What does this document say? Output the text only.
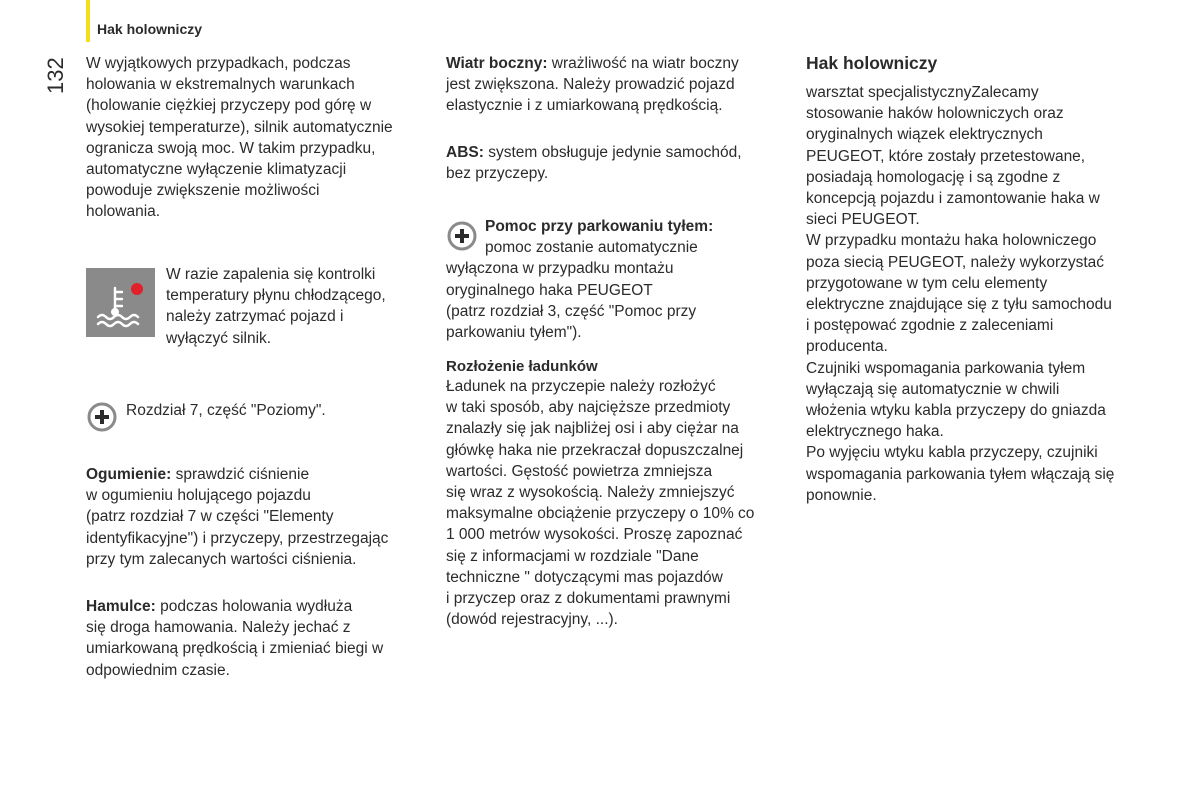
Hak holowniczy
132	W wyjątkowych przypadkach, podczas
holowania w ekstremalnych warunkach
(holowanie ciężkiej przyczepy pod górę w
wysokiej temperaturze), silnik automatycznie
ogranicza swoją moc. W takim przypadku,
automatyczne wyłączenie klimatyzacji
powoduje zwiększenie możliwości
holowania.
W razie zapalenia się kontrolki
temperatury płynu chłodzącego,
należy zatrzymać pojazd i
wyłączyć silnik.
Rozdział 7, część "Poziomy".
Ogumienie: sprawdzić ciśnienie
w ogumieniu holującego pojazdu
(patrz rozdział 7 w części "Elementy
identyfikacyjne") i przyczepy, przestrzegając
przy tym zalecanych wartości ciśnienia.
Hamulce: podczas holowania wydłuża
się droga hamowania. Należy jechać z
umiarkowaną prędkością i zmieniać biegi w
odpowiednim czasie.
Wiatr boczny: wrażliwość na wiatr boczny
jest zwiększona. Należy prowadzić pojazd
elastycznie i z umiarkowaną prędkością.
ABS: system obsługuje jedynie samochód,
bez przyczepy.
Pomoc przy parkowaniu tyłem:
pomoc zostanie automatycznie
wyłączona w przypadku montażu
oryginalnego haka PEUGEOT
(patrz rozdział 3, część "Pomoc przy
parkowaniu tyłem").
Rozłożenie ładunków
Ładunek na przyczepie należy rozłożyć
w taki sposób, aby najcięższe przedmioty
znalazły się jak najbliżej osi i aby ciężar na
główkę haka nie przekraczał dopuszczalnej
wartości. Gęstość powietrza zmniejsza
się wraz z wysokością. Należy zmniejszyć
maksymalne obciążenie przyczepy o 10% co
1 000 metrów wysokości. Proszę zapoznać
się z informacjami w rozdziale "Dane
techniczne " dotyczącymi mas pojazdów
i przyczep oraz z dokumentami prawnymi
(dowód rejestracyjny, ...).
Hak holowniczy
warsztat specjalistycznyZalecamy
stosowanie haków holowniczych oraz
oryginalnych wiązek elektrycznych
PEUGEOT, które zostały przetestowane,
posiadają homologację i są zgodne z
koncepcją pojazdu i zamontowanie haka w
sieci PEUGEOT.
W przypadku montażu haka holowniczego
poza siecią PEUGEOT, należy wykorzystać
przygotowane w tym celu elementy
elektryczne znajdujące się z tyłu samochodu
i postępować zgodnie z zaleceniami
producenta.
Czujniki wspomagania parkowania tyłem
wyłączają się automatycznie w chwili
włożenia wtyku kabla przyczepy do gniazda
elektrycznego haka.
Po wyjęciu wtyku kabla przyczepy, czujniki
wspomagania parkowania tyłem włączają się
ponownie.
